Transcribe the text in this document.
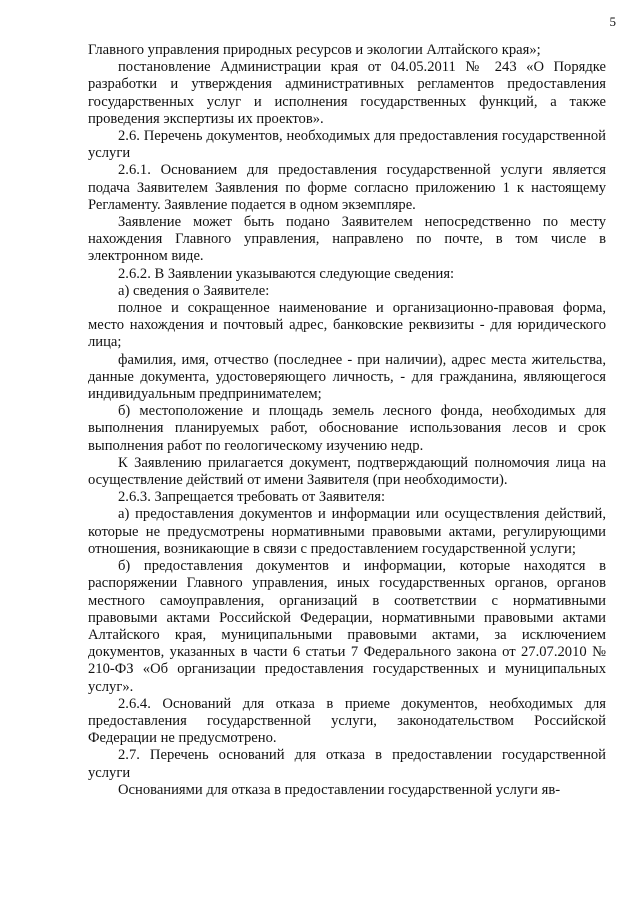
5

Главного управления природных ресурсов и экологии Алтайского края»;

постановление Администрации края от 04.05.2011 № 243 «О Порядке разработки и утверждения административных регламентов предоставления государственных услуг и исполнения государственных функций, а также проведения экспертизы их проектов».

2.6. Перечень документов, необходимых для предоставления государственной услуги

2.6.1. Основанием для предоставления государственной услуги является подача Заявителем Заявления по форме согласно приложению 1 к настоящему Регламенту. Заявление подается в одном экземпляре.

Заявление может быть подано Заявителем непосредственно по месту нахождения Главного управления, направлено по почте, в том числе в электронном виде.

2.6.2. В Заявлении указываются следующие сведения:

а) сведения о Заявителе:

полное и сокращенное наименование и организационно-правовая форма, место нахождения и почтовый адрес, банковские реквизиты - для юридического лица;

фамилия, имя, отчество (последнее - при наличии), адрес места жительства, данные документа, удостоверяющего личность, - для гражданина, являющегося индивидуальным предпринимателем;

б) местоположение и площадь земель лесного фонда, необходимых для выполнения планируемых работ, обоснование использования лесов и срок выполнения работ по геологическому изучению недр.

К Заявлению прилагается документ, подтверждающий полномочия лица на осуществление действий от имени Заявителя (при необходимости).

2.6.3. Запрещается требовать от Заявителя:

а) предоставления документов и информации или осуществления действий, которые не предусмотрены нормативными правовыми актами, регулирующими отношения, возникающие в связи с предоставлением государственной услуги;

б) предоставления документов и информации, которые находятся в распоряжении Главного управления, иных государственных органов, органов местного самоуправления, организаций в соответствии с нормативными правовыми актами Российской Федерации, нормативными правовыми актами Алтайского края, муниципальными правовыми актами, за исключением документов, указанных в части 6 статьи 7 Федерального закона от 27.07.2010 № 210-ФЗ «Об организации предоставления государственных и муниципальных услуг».

2.6.4. Оснований для отказа в приеме документов, необходимых для предоставления государственной услуги, законодательством Российской Федерации не предусмотрено.

2.7. Перечень оснований для отказа в предоставлении государственной услуги

Основаниями для отказа в предоставлении государственной услуги яв-
